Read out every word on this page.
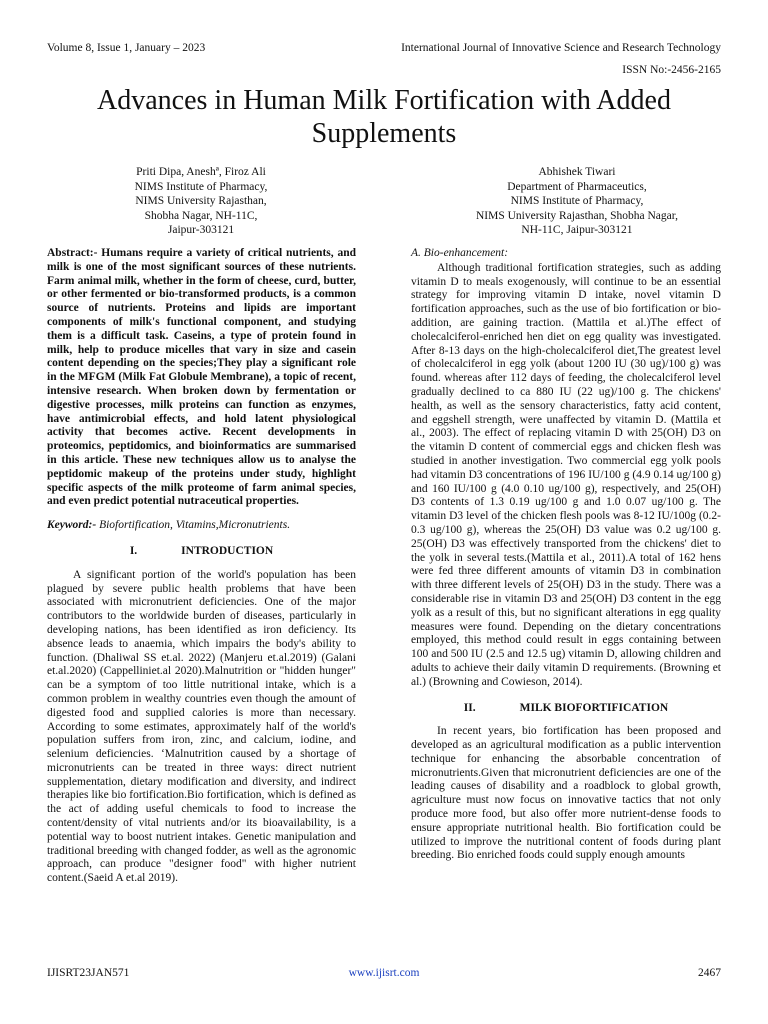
Volume 8, Issue 1, January – 2023	International Journal of Innovative Science and Research Technology
ISSN No:-2456-2165
Advances in Human Milk Fortification with Added Supplements
Priti Dipa, Aneshª, Firoz Ali
NIMS Institute of Pharmacy,
NIMS University Rajasthan,
Shobha Nagar, NH-11C,
Jaipur-303121
Abhishek Tiwari
Department of Pharmaceutics,
NIMS Institute of Pharmacy,
NIMS University Rajasthan, Shobha Nagar,
NH-11C, Jaipur-303121

Abstract:- Humans require a variety of critical nutrients, and milk is one of the most significant sources of these nutrients. Farm animal milk, whether in the form of cheese, curd, butter, or other fermented or bio-transformed products, is a common source of nutrients. Proteins and lipids are important components of milk's functional component, and studying them is a difficult task. Caseins, a type of protein found in milk, help to produce micelles that vary in size and casein content depending on the species;They play a significant role in the MFGM (Milk Fat Globule Membrane), a topic of recent, intensive research. When broken down by fermentation or digestive processes, milk proteins can function as enzymes, have antimicrobial effects, and hold latent physiological activity that becomes active. Recent developments in proteomics, peptidomics, and bioinformatics are summarised in this article. These new techniques allow us to analyse the peptidomic makeup of the proteins under study, highlight specific aspects of the milk proteome of farm animal species, and even predict potential nutraceutical properties.

Keyword:- Biofortification, Vitamins,Micronutrients.

I.	INTRODUCTION

A significant portion of the world's population has been plagued by severe public health problems that have been associated with micronutrient deficiencies. One of the major contributors to the worldwide burden of diseases, particularly in developing nations, has been identified as iron deficiency. Its absence leads to anaemia, which impairs the body's ability to function. (Dhaliwal SS et.al. 2022) (Manjeru et.al.2019) (Galani et.al.2020) (Cappelliniet.al 2020).Malnutrition or "hidden hunger" can be a symptom of too little nutritional intake, which is a common problem in wealthy countries even though the amount of digested food and supplied calories is more than necessary. According to some estimates, approximately half of the world's population suffers from iron, zinc, and calcium, iodine, and selenium deficiencies. ‘Malnutrition caused by a shortage of micronutrients can be treated in three ways: direct nutrient supplementation, dietary modification and diversity, and indirect therapies like bio fortification.Bio fortification, which is defined as the act of adding useful chemicals to food to increase the content/density of vital nutrients and/or its bioavailability, is a potential way to boost nutrient intakes. Genetic manipulation and traditional breeding with changed fodder, as well as the agronomic approach, can produce "designer food" with higher nutrient content.(Saeid A et.al 2019).

A. Bio-enhancement:

Although traditional fortification strategies, such as adding vitamin D to meals exogenously, will continue to be an essential strategy for improving vitamin D intake, novel vitamin D fortification approaches, such as the use of bio fortification or bio-addition, are gaining traction. (Mattila et al.)The effect of cholecalciferol-enriched hen diet on egg quality was investigated. After 8-13 days on the high-cholecalciferol diet,The greatest level of cholecalciferol in egg yolk (about 1200 IU (30 ug)/100 g) was found. whereas after 112 days of feeding, the cholecalciferol level gradually declined to ca 880 IU (22 ug)/100 g. The chickens' health, as well as the sensory characteristics, fatty acid content, and eggshell strength, were unaffected by vitamin D. (Mattila et al., 2003). The effect of replacing vitamin D with 25(OH) D3 on the vitamin D content of commercial eggs and chicken flesh was studied in another investigation. Two commercial egg yolk pools had vitamin D3 concentrations of 196 IU/100 g (4.9 0.14 ug/100 g) and 160 IU/100 g (4.0 0.10 ug/100 g), respectively, and 25(OH) D3 contents of 1.3 0.19 ug/100 g and 1.0 0.07 ug/100 g. The vitamin D3 level of the chicken flesh pools was 8-12 IU/100g (0.2-0.3 ug/100 g), whereas the 25(OH) D3 value was 0.2 ug/100 g. 25(OH) D3 was effectively transported from the chickens' diet to the yolk in several tests.(Mattila et al., 2011).A total of 162 hens were fed three different amounts of vitamin D3 in combination with three different levels of 25(OH) D3 in the study. There was a considerable rise in vitamin D3 and 25(OH) D3 content in the egg yolk as a result of this, but no significant alterations in egg quality measures were found. Depending on the dietary concentrations employed, this method could result in eggs containing between 100 and 500 IU (2.5 and 12.5 ug) vitamin D, allowing children and adults to achieve their daily vitamin D requirements. (Browning et al.) (Browning and Cowieson, 2014).

II.	MILK BIOFORTIFICATION

In recent years, bio fortification has been proposed and developed as an agricultural modification as a public intervention technique for enhancing the absorbable concentration of micronutrients.Given that micronutrient deficiencies are one of the leading causes of disability and a roadblock to global growth, agriculture must now focus on innovative tactics that not only produce more food, but also offer more nutrient-dense foods to ensure appropriate nutritional health. Bio fortification could be utilized to improve the nutritional content of foods during plant breeding. Bio enriched foods could supply enough amounts

IJISRT23JAN571	www.ijisrt.com	2467
